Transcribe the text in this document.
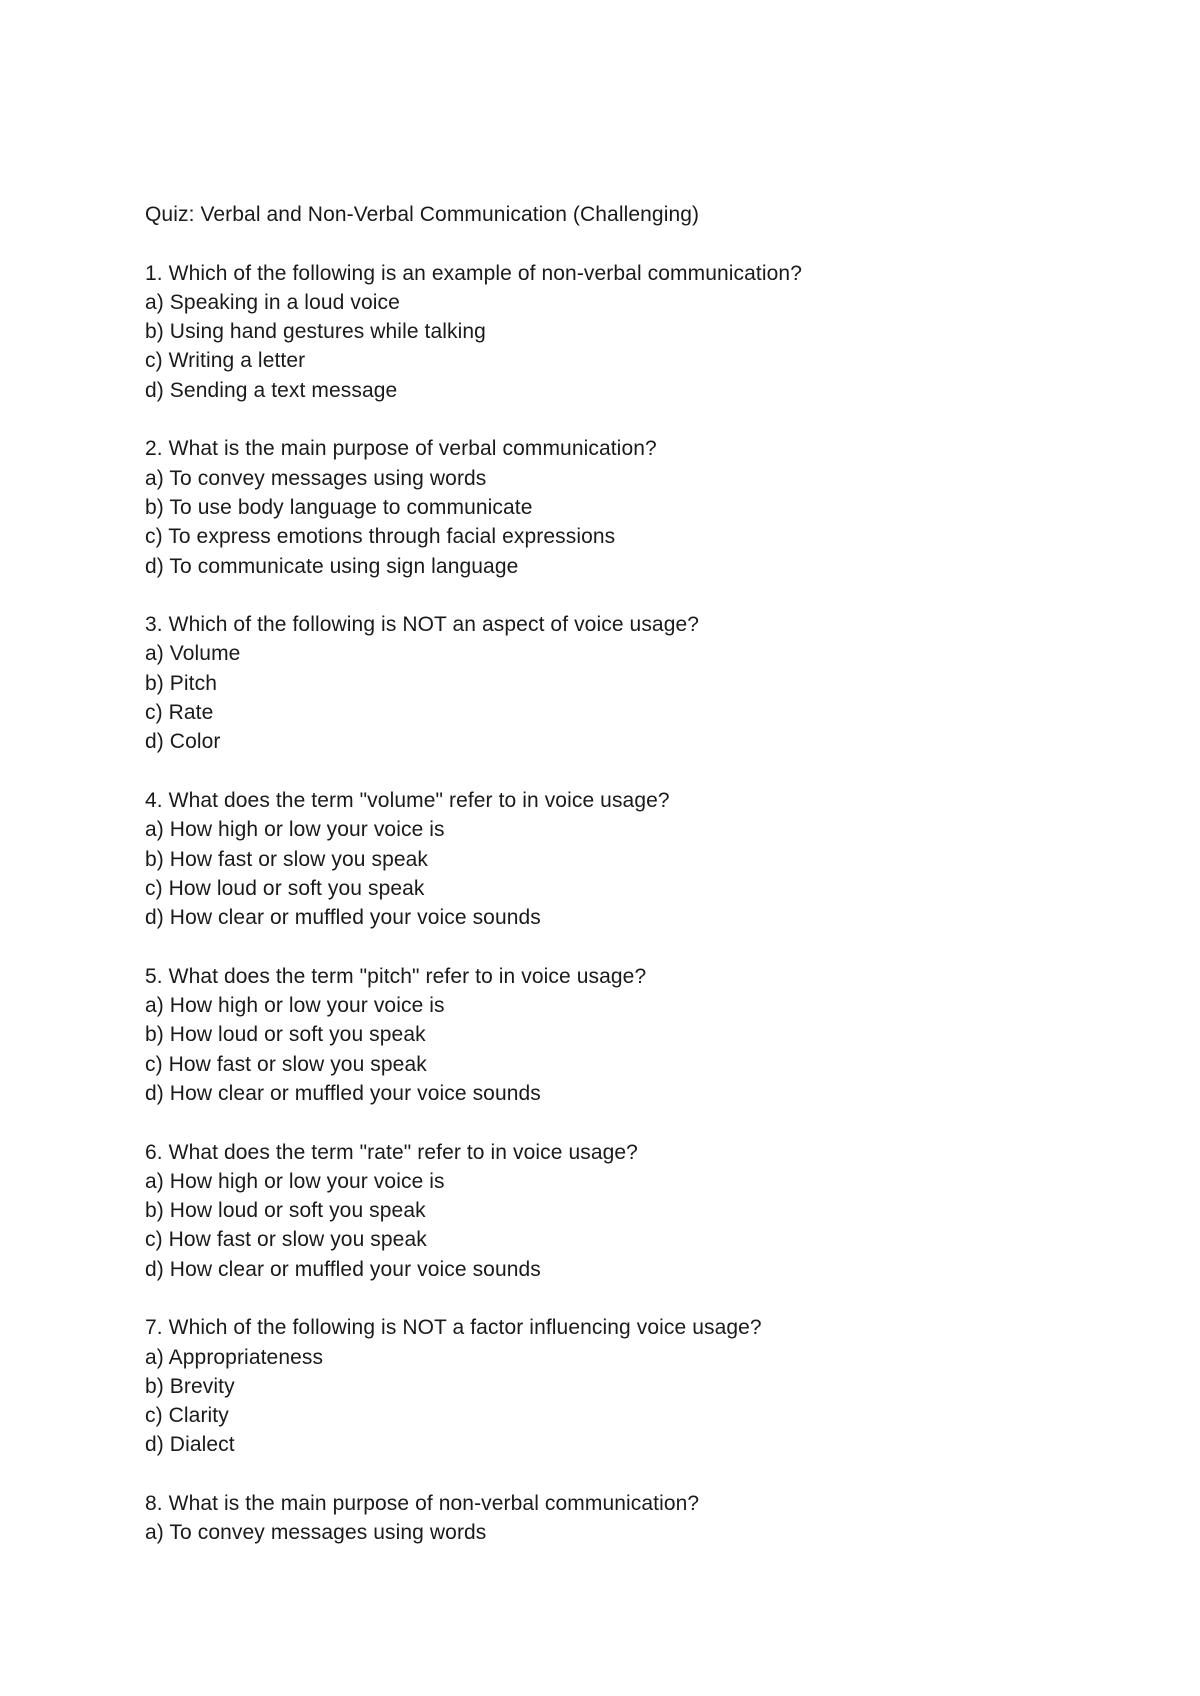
Quiz: Verbal and Non-Verbal Communication (Challenging)
1. Which of the following is an example of non-verbal communication?
a) Speaking in a loud voice
b) Using hand gestures while talking
c) Writing a letter
d) Sending a text message
2. What is the main purpose of verbal communication?
a) To convey messages using words
b) To use body language to communicate
c) To express emotions through facial expressions
d) To communicate using sign language
3. Which of the following is NOT an aspect of voice usage?
a) Volume
b) Pitch
c) Rate
d) Color
4. What does the term "volume" refer to in voice usage?
a) How high or low your voice is
b) How fast or slow you speak
c) How loud or soft you speak
d) How clear or muffled your voice sounds
5. What does the term "pitch" refer to in voice usage?
a) How high or low your voice is
b) How loud or soft you speak
c) How fast or slow you speak
d) How clear or muffled your voice sounds
6. What does the term "rate" refer to in voice usage?
a) How high or low your voice is
b) How loud or soft you speak
c) How fast or slow you speak
d) How clear or muffled your voice sounds
7. Which of the following is NOT a factor influencing voice usage?
a) Appropriateness
b) Brevity
c) Clarity
d) Dialect
8. What is the main purpose of non-verbal communication?
a) To convey messages using words
